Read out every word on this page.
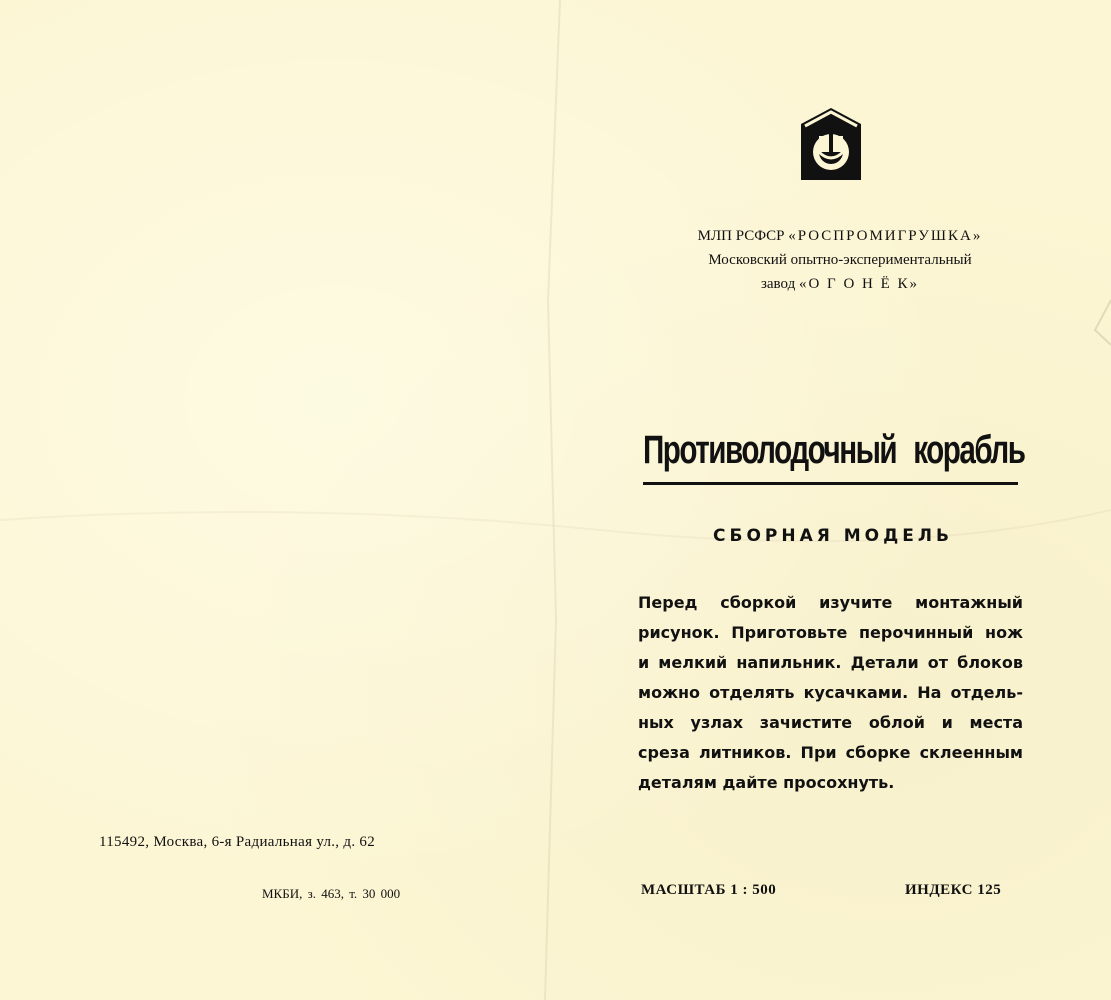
МЛП РСФСР «РОСПРОМИГРУШКА»
Московский опытно-экспериментальный
завод «О Г О Н Ё К»
Противолодочный корабль
СБОРНАЯ МОДЕЛЬ
Перед сборкой изучите монтажный
рисунок. Приготовьте перочинный нож
и мелкий напильник. Детали от блоков
можно отделять кусачками. На отдель-
ных узлах зачистите облой и места
среза литников. При сборке склеенным
деталям дайте просохнуть.
115492, Москва, 6-я Радиальная ул., д. 62
МКБИ, з. 463, т. 30 000	МАСШТАБ 1 : 500	ИНДЕКС 125
